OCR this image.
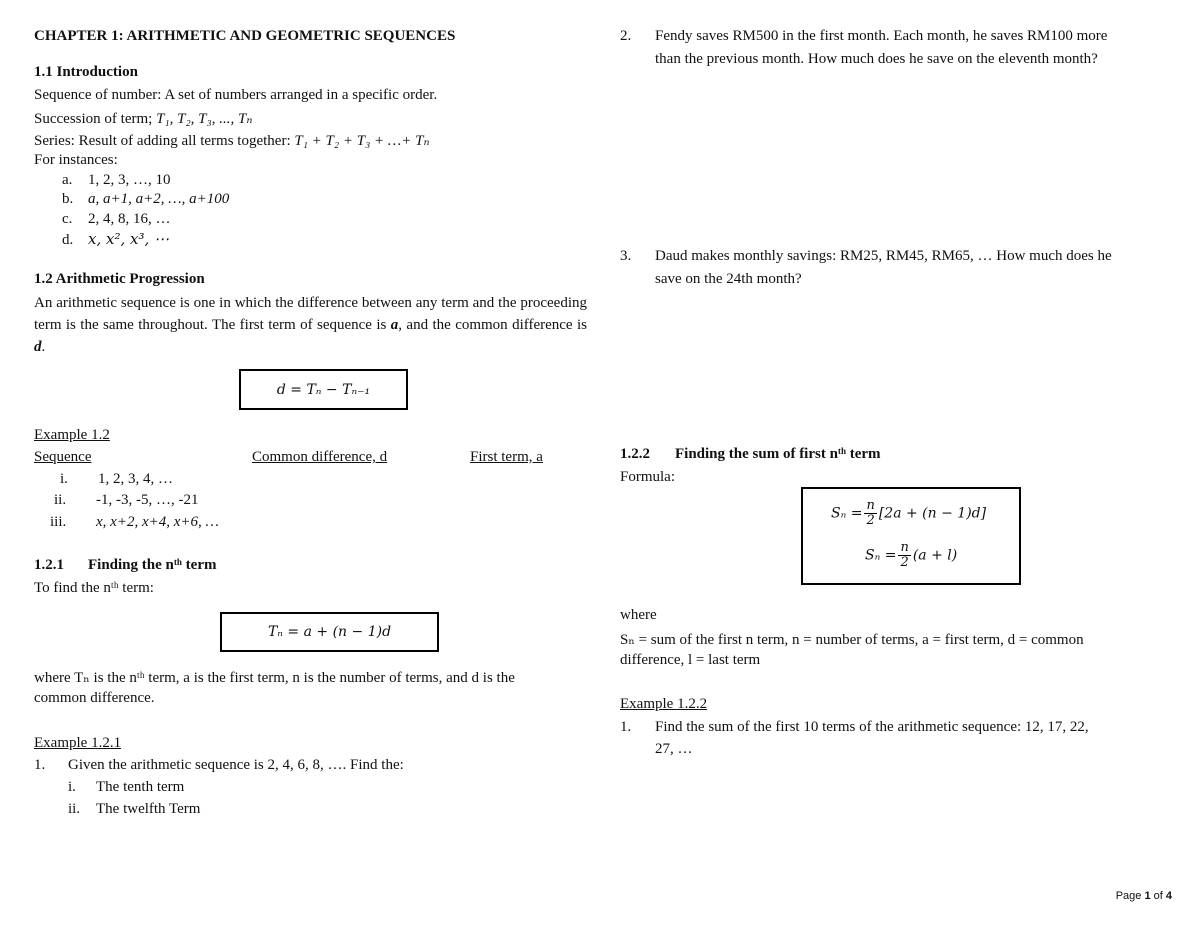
CHAPTER 1: ARITHMETIC AND GEOMETRIC SEQUENCES
1.1 Introduction
Sequence of number: A set of numbers arranged in a specific order.
Succession of term; T₁, T₂, T₃, ..., Tₙ
Series: Result of adding all terms together: T₁ + T₂ + T₃ + …+ Tₙ
For instances:
a. 1, 2, 3, …, 10
b. a, a+1, a+2, …, a+100
c. 2, 4, 8, 16, …
d. x, x², x³, ⋯
1.2 Arithmetic Progression
An arithmetic sequence is one in which the difference between any term and the proceeding term is the same throughout. The first term of sequence is a, and the common difference is d.
d = Tₙ − Tₙ₋₁
Example 1.2
Sequence	Common difference, d	First term, a
i. 1, 2, 3, 4, …
ii. -1, -3, -5, …, -21
iii. x, x+2, x+4, x+6, …
1.2.1 Finding the nᵗʰ term
To find the nᵗʰ term:
Tₙ = a + (n − 1)d
where Tₙ is the nᵗʰ term, a is the first term, n is the number of terms, and d is the
common difference.
Example 1.2.1
1. Given the arithmetic sequence is 2, 4, 6, 8, …. Find the:
i. The tenth term
ii. The twelfth Term
2. Fendy saves RM500 in the first month. Each month, he saves RM100 more
than the previous month. How much does he save on the eleventh month?
3. Daud makes monthly savings: RM25, RM45, RM65, … How much does he
save on the 24th month?
1.2.2 Finding the sum of first nᵗʰ term
Formula:
$S_n = \frac{n}{2} [2a + (n - 1)d]$
$S_n = \frac{n}{2} (a + l)$
where
Sₙ = sum of the first n term, n = number of terms, a = first term, d = common
difference, l = last term
Example 1.2.2
1. Find the sum of the first 10 terms of the arithmetic sequence: 12, 17, 22,
27, …
Page 1 of 4
